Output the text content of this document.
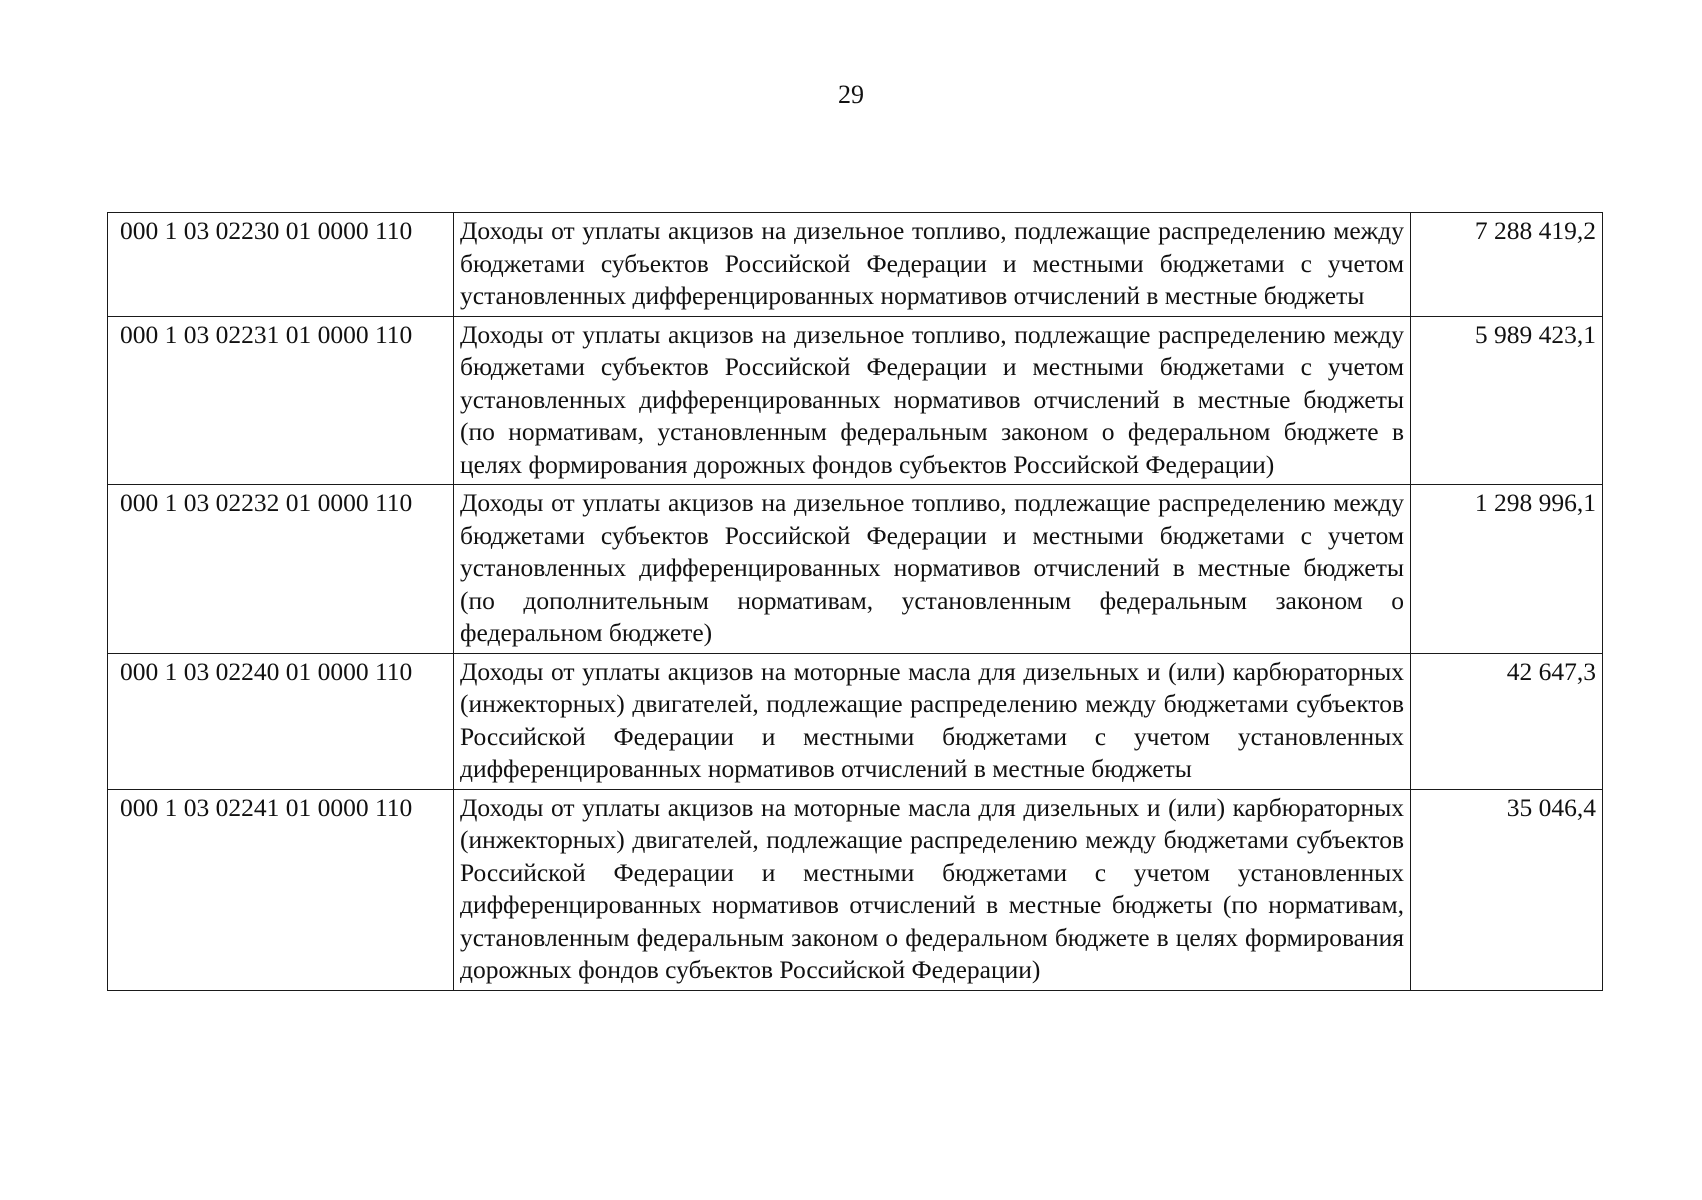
29
000 1 03 02230 01 0000 110	Доходы от уплаты акцизов на дизельное топливо, подлежащие распределению между бюджетами субъектов Российской Федерации и местными бюджетами с учетом установленных дифференцированных нормативов отчислений в местные бюджеты	7 288 419,2
000 1 03 02231 01 0000 110	Доходы от уплаты акцизов на дизельное топливо, подлежащие распределению между бюджетами субъектов Российской Федерации и местными бюджетами с учетом установленных дифференцированных нормативов отчислений в местные бюджеты (по нормативам, установленным федеральным законом о федеральном бюджете в целях формирования дорожных фондов субъектов Российской Федерации)	5 989 423,1
000 1 03 02232 01 0000 110	Доходы от уплаты акцизов на дизельное топливо, подлежащие распределению между бюджетами субъектов Российской Федерации и местными бюджетами с учетом установленных дифференцированных нормативов отчислений в местные бюджеты (по дополнительным нормативам, установленным федеральным законом о федеральном бюджете)	1 298 996,1
000 1 03 02240 01 0000 110	Доходы от уплаты акцизов на моторные масла для дизельных и (или) карбюраторных (инжекторных) двигателей, подлежащие распределению между бюджетами субъектов Российской Федерации и местными бюджетами с учетом установленных дифференцированных нормативов отчислений в местные бюджеты	42 647,3
000 1 03 02241 01 0000 110	Доходы от уплаты акцизов на моторные масла для дизельных и (или) карбюраторных (инжекторных) двигателей, подлежащие распределению между бюджетами субъектов Российской Федерации и местными бюджетами с учетом установленных дифференцированных нормативов отчислений в местные бюджеты (по нормативам, установленным федеральным законом о федеральном бюджете в целях формирования дорожных фондов субъектов Российской Федерации)	35 046,4
